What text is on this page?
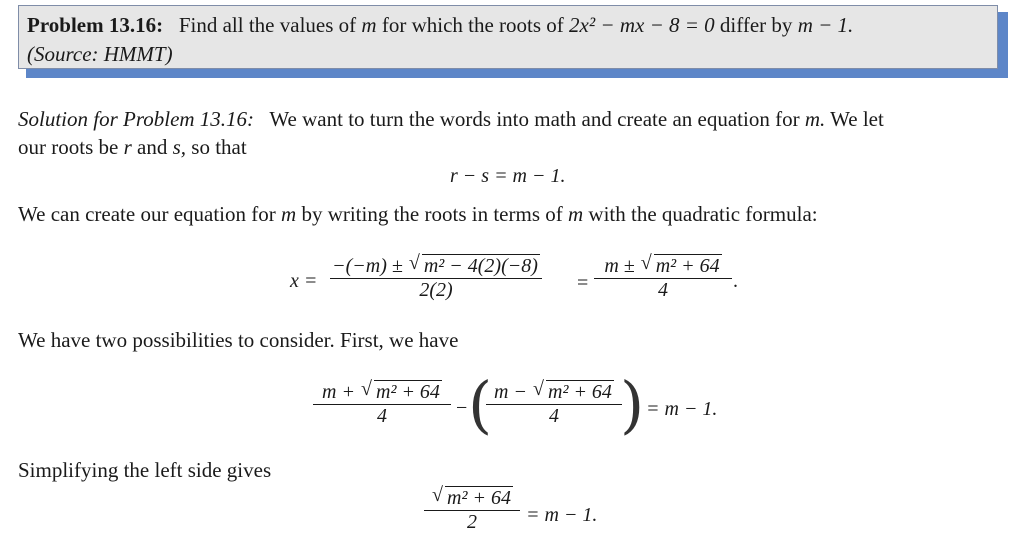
Problem 13.16: Find all the values of m for which the roots of 2x² − mx − 8 = 0 differ by m − 1.
(Source: HMMT)
Solution for Problem 13.16: We want to turn the words into math and create an equation for m. We let
our roots be r and s, so that
r − s = m − 1.
We can create our equation for m by writing the roots in terms of m with the quadratic formula:
x =
−(−m) ± √ m² − 4(2)(−8)
2(2)	=
m ± √ m² + 64
4	.
We have two possibilities to consider. First, we have
m + √ m² + 64
4	− ( m − √ m² + 64
4 ) = m − 1.
Simplifying the left side gives
√ m² + 64
2	= m − 1.
